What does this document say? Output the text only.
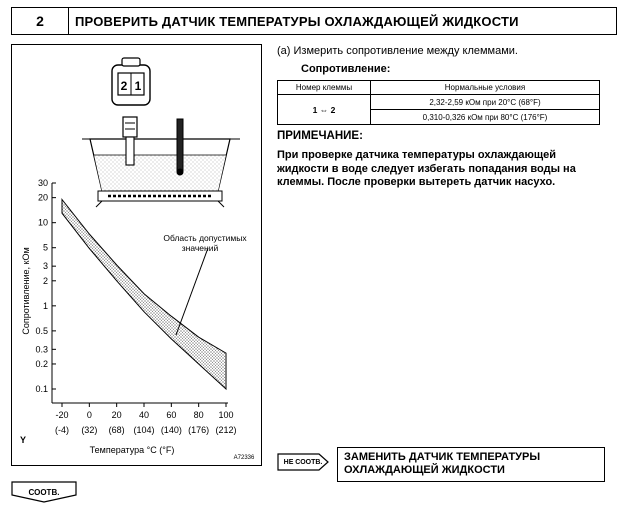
2	ПРОВЕРИТЬ ДАТЧИК ТЕМПЕРАТУРЫ ОХЛАЖДАЮЩЕЙ ЖИДКОСТИ
2 1
30
20
10
5
3
2
1
0.5
0.3
0.2
0.1
-20
(-4)
0
(32)
20
(68)
40
(104)
60
(140)
80
(176)
100
(212)
Область допустимых
значений
Сопротивление, кОм
Температура °C (°F)
Y
A72336
(a) Измерить сопротивление между клеммами.
Сопротивление:
Номер клеммы	Нормальные условия
1 ⇔ 2	2,32-2,59 кОм при 20°C (68°F)
	0,310-0,326 кОм при 80°C (176°F)
ПРИМЕЧАНИЕ:
При проверке датчика температуры охлаждающей жидкости в воде следует избегать попадания воды на клеммы. После проверки вытереть датчик насухо.
НЕ СООТВ. ЗАМЕНИТЬ ДАТЧИК ТЕМПЕРАТУРЫ
ОХЛАЖДАЮЩЕЙ ЖИДКОСТИ
СООТВ.
